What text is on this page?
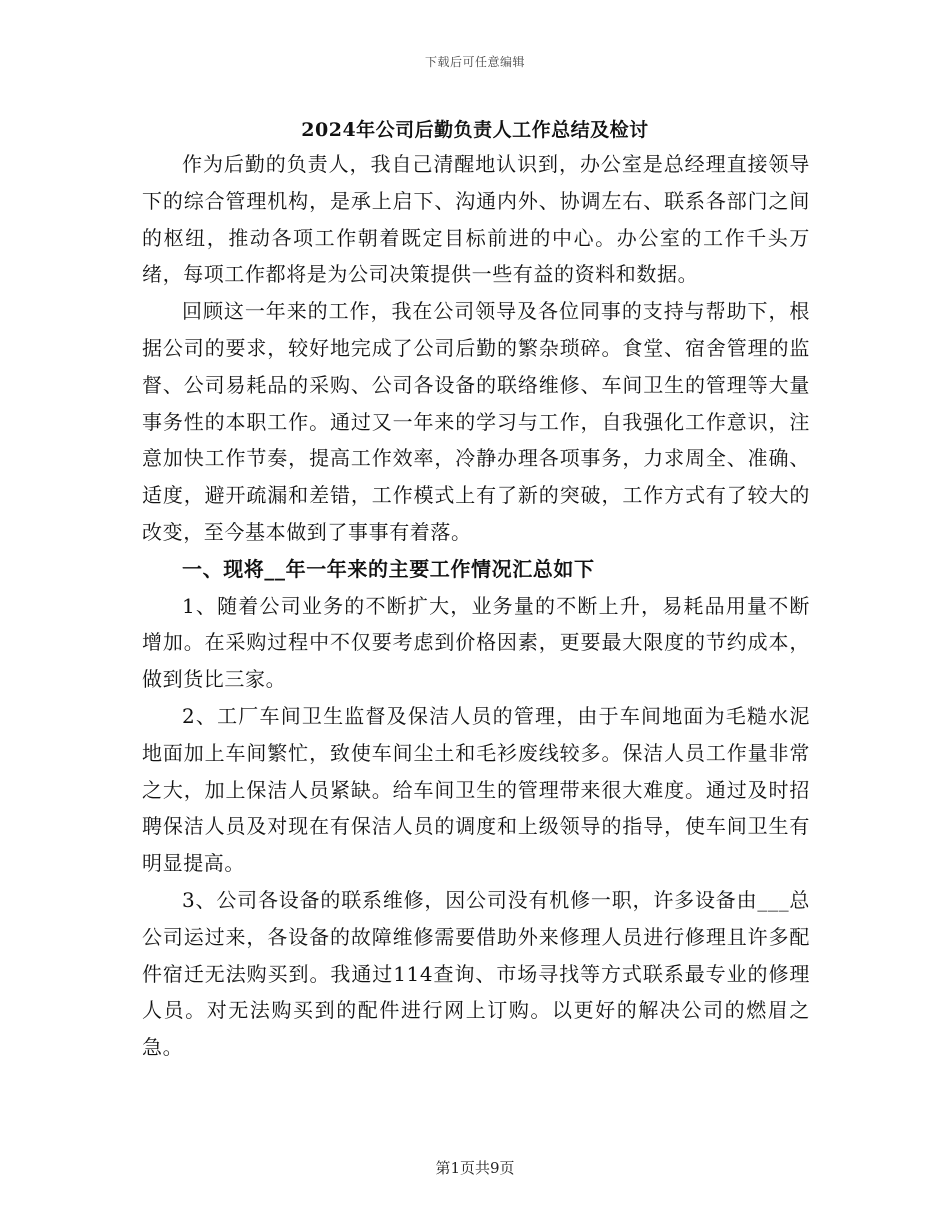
下载后可任意编辑
2024年公司后勤负责人工作总结及检讨

作为后勤的负责人，我自己清醒地认识到，办公室是总经理直接领导下的综合管理机构，是承上启下、沟通内外、协调左右、联系各部门之间的枢纽，推动各项工作朝着既定目标前进的中心。办公室的工作千头万绪，每项工作都将是为公司决策提供一些有益的资料和数据。

回顾这一年来的工作，我在公司领导及各位同事的支持与帮助下，根据公司的要求，较好地完成了公司后勤的繁杂琐碎。食堂、宿舍管理的监督、公司易耗品的采购、公司各设备的联络维修、车间卫生的管理等大量事务性的本职工作。通过又一年来的学习与工作，自我强化工作意识，注意加快工作节奏，提高工作效率，冷静办理各项事务，力求周全、准确、适度，避开疏漏和差错，工作模式上有了新的突破，工作方式有了较大的改变，至今基本做到了事事有着落。

一、现将__年一年来的主要工作情况汇总如下

1、随着公司业务的不断扩大，业务量的不断上升，易耗品用量不断增加。在采购过程中不仅要考虑到价格因素，更要最大限度的节约成本，做到货比三家。

2、工厂车间卫生监督及保洁人员的管理，由于车间地面为毛糙水泥地面加上车间繁忙，致使车间尘土和毛衫废线较多。保洁人员工作量非常之大，加上保洁人员紧缺。给车间卫生的管理带来很大难度。通过及时招聘保洁人员及对现在有保洁人员的调度和上级领导的指导，使车间卫生有明显提高。

3、公司各设备的联系维修，因公司没有机修一职，许多设备由___总公司运过来，各设备的故障维修需要借助外来修理人员进行修理且许多配件宿迁无法购买到。我通过114查询、市场寻找等方式联系最专业的修理人员。对无法购买到的配件进行网上订购。以更好的解决公司的燃眉之急。

第1页共9页
